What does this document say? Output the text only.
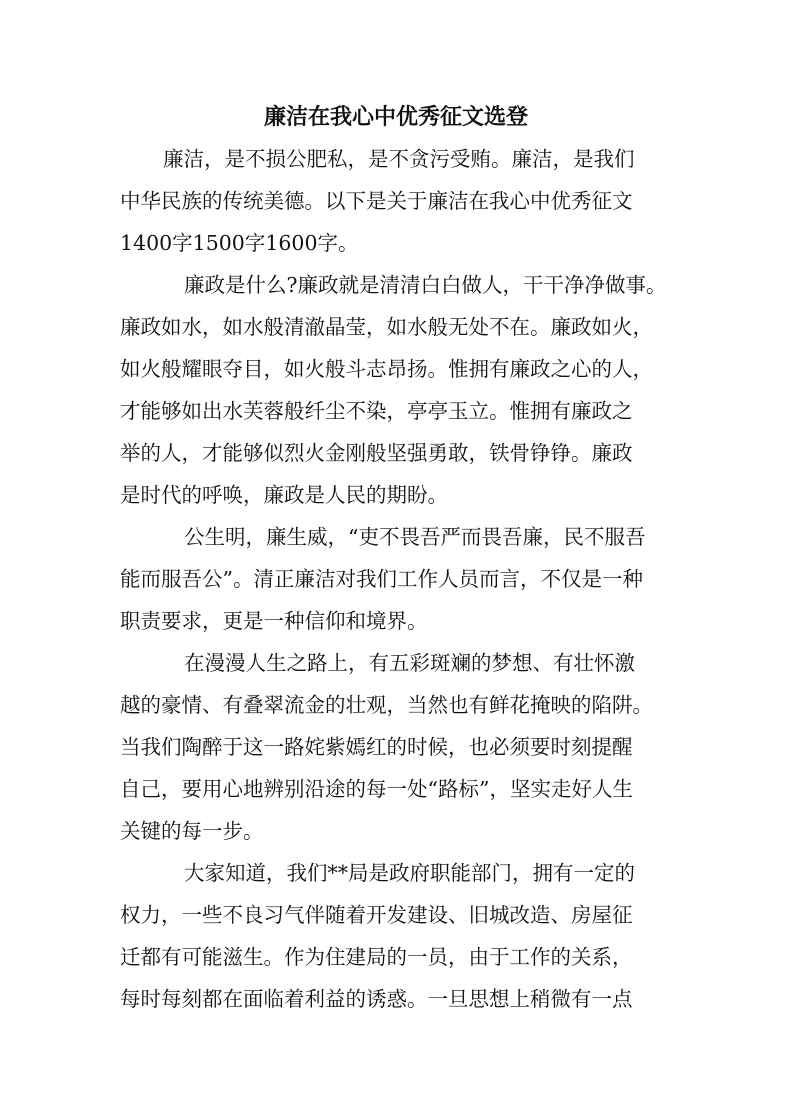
廉洁在我心中优秀征文选登
廉洁，是不损公肥私，是不贪污受贿。廉洁，是我们
中华民族的传统美德。以下是关于廉洁在我心中优秀征文
1400字1500字1600字。
廉政是什么?廉政就是清清白白做人，干干净净做事。
廉政如水，如水般清澈晶莹，如水般无处不在。廉政如火，
如火般耀眼夺目，如火般斗志昂扬。惟拥有廉政之心的人，
才能够如出水芙蓉般纤尘不染，亭亭玉立。惟拥有廉政之
举的人，才能够似烈火金刚般坚强勇敢，铁骨铮铮。廉政
是时代的呼唤，廉政是人民的期盼。
公生明，廉生威，“吏不畏吾严而畏吾廉，民不服吾
能而服吾公”。清正廉洁对我们工作人员而言，不仅是一种
职责要求，更是一种信仰和境界。
在漫漫人生之路上，有五彩斑斓的梦想、有壮怀激
越的豪情、有叠翠流金的壮观，当然也有鲜花掩映的陷阱。
当我们陶醉于这一路姹紫嫣红的时候，也必须要时刻提醒
自己，要用心地辨别沿途的每一处“路标”，坚实走好人生
关键的每一步。
大家知道，我们**局是政府职能部门，拥有一定的
权力，一些不良习气伴随着开发建设、旧城改造、房屋征
迁都有可能滋生。作为住建局的一员，由于工作的关系，
每时每刻都在面临着利益的诱惑。一旦思想上稍微有一点
